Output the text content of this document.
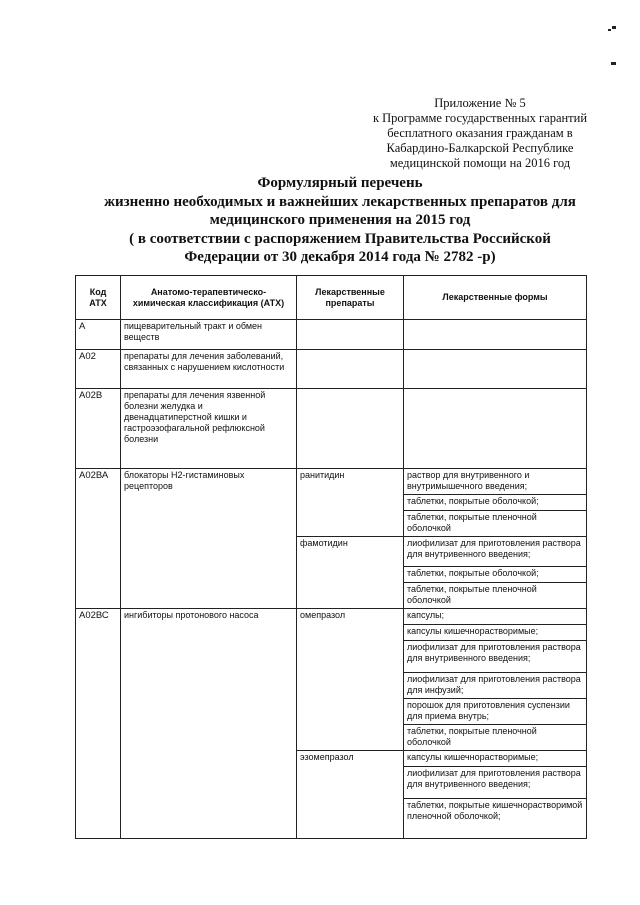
Приложение № 5
к Программе государственных гарантий
бесплатного оказания гражданам в
Кабардино-Балкарской Республике
медицинской помощи на 2016 год
Формулярный перечень
жизненно необходимых и важнейших лекарственных препаратов для
медицинского применения на 2015 год
( в соответствии с распоряжением Правительства Российской
Федерации от 30 декабря 2014 года № 2782 -р)
Код АТХ	Анатомо-терапевтическо-химическая классификация (АТХ)	Лекарственные препараты	Лекарственные формы
А	пищеварительный тракт и обмен веществ		
А02	препараты для лечения заболеваний, связанных с нарушением кислотности		
А02В	препараты для лечения язвенной болезни желудка и двенадцатиперстной кишки и гастроэзофагальной рефлюксной болезни		
А02ВА	блокаторы Н2-гистаминовых рецепторов	ранитидин	раствор для внутривенного и внутримышечного введения;
			таблетки, покрытые оболочкой;
			таблетки, покрытые пленочной оболочкой
		фамотидин	лиофилизат для приготовления раствора для внутривенного введения;
			таблетки, покрытые оболочкой;
			таблетки, покрытые пленочной оболочкой
А02ВС	ингибиторы протонового насоса	омепразол	капсулы;
			капсулы кишечнорастворимые;
			лиофилизат для приготовления раствора для внутривенного введения;
			лиофилизат для приготовления раствора для инфузий;
			порошок для приготовления суспензии для приема внутрь;
			таблетки, покрытые пленочной оболочкой
		эзомепразол	капсулы кишечнорастворимые;
			лиофилизат для приготовления раствора для внутривенного введения;
			таблетки, покрытые кишечнорастворимой пленочной оболочкой;
